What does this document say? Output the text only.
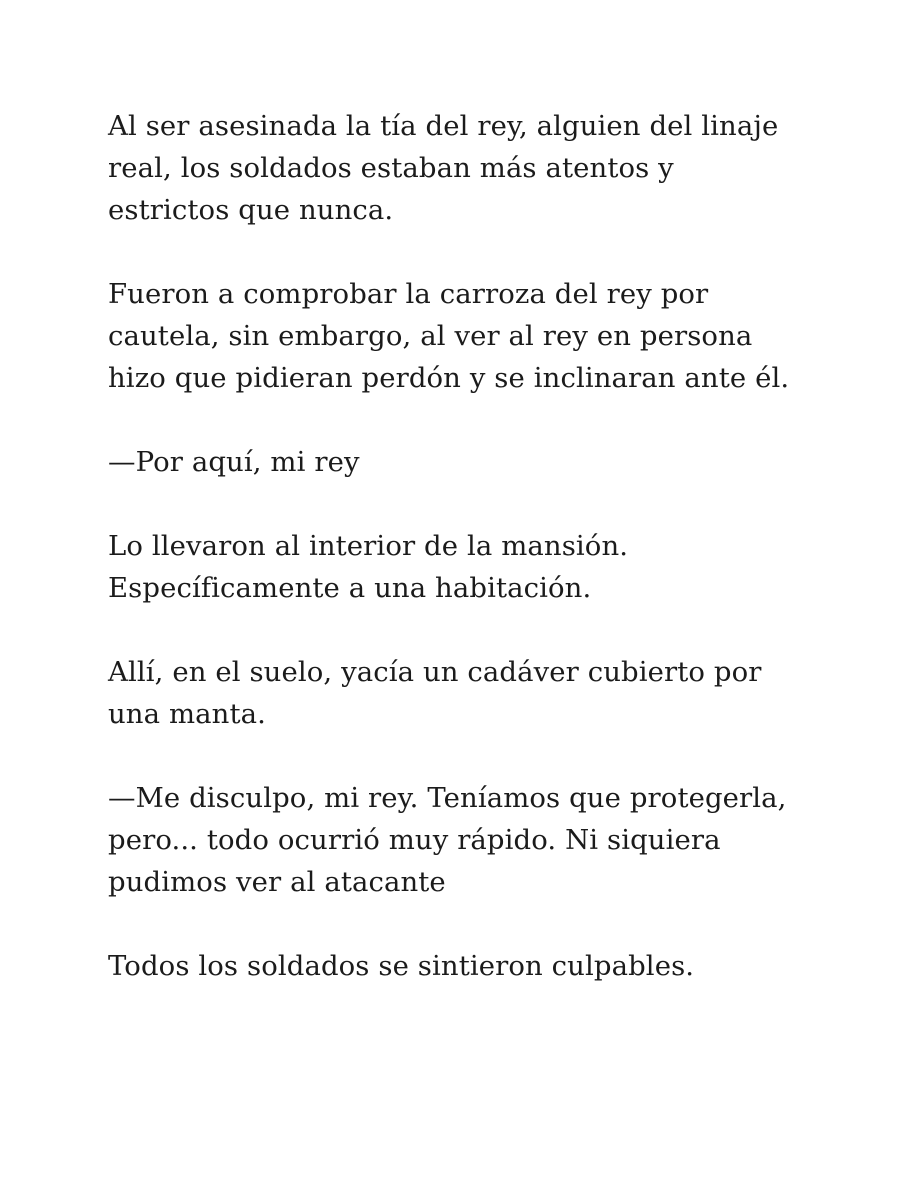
Al ser asesinada la tía del rey, alguien del linaje
real, los soldados estaban más atentos y
estrictos que nunca.

Fueron a comprobar la carroza del rey por
cautela, sin embargo, al ver al rey en persona
hizo que pidieran perdón y se inclinaran ante él.

—Por aquí, mi rey

Lo llevaron al interior de la mansión.
Específicamente a una habitación.

Allí, en el suelo, yacía un cadáver cubierto por
una manta.

—Me disculpo, mi rey. Teníamos que protegerla,
pero... todo ocurrió muy rápido. Ni siquiera
pudimos ver al atacante

Todos los soldados se sintieron culpables.
